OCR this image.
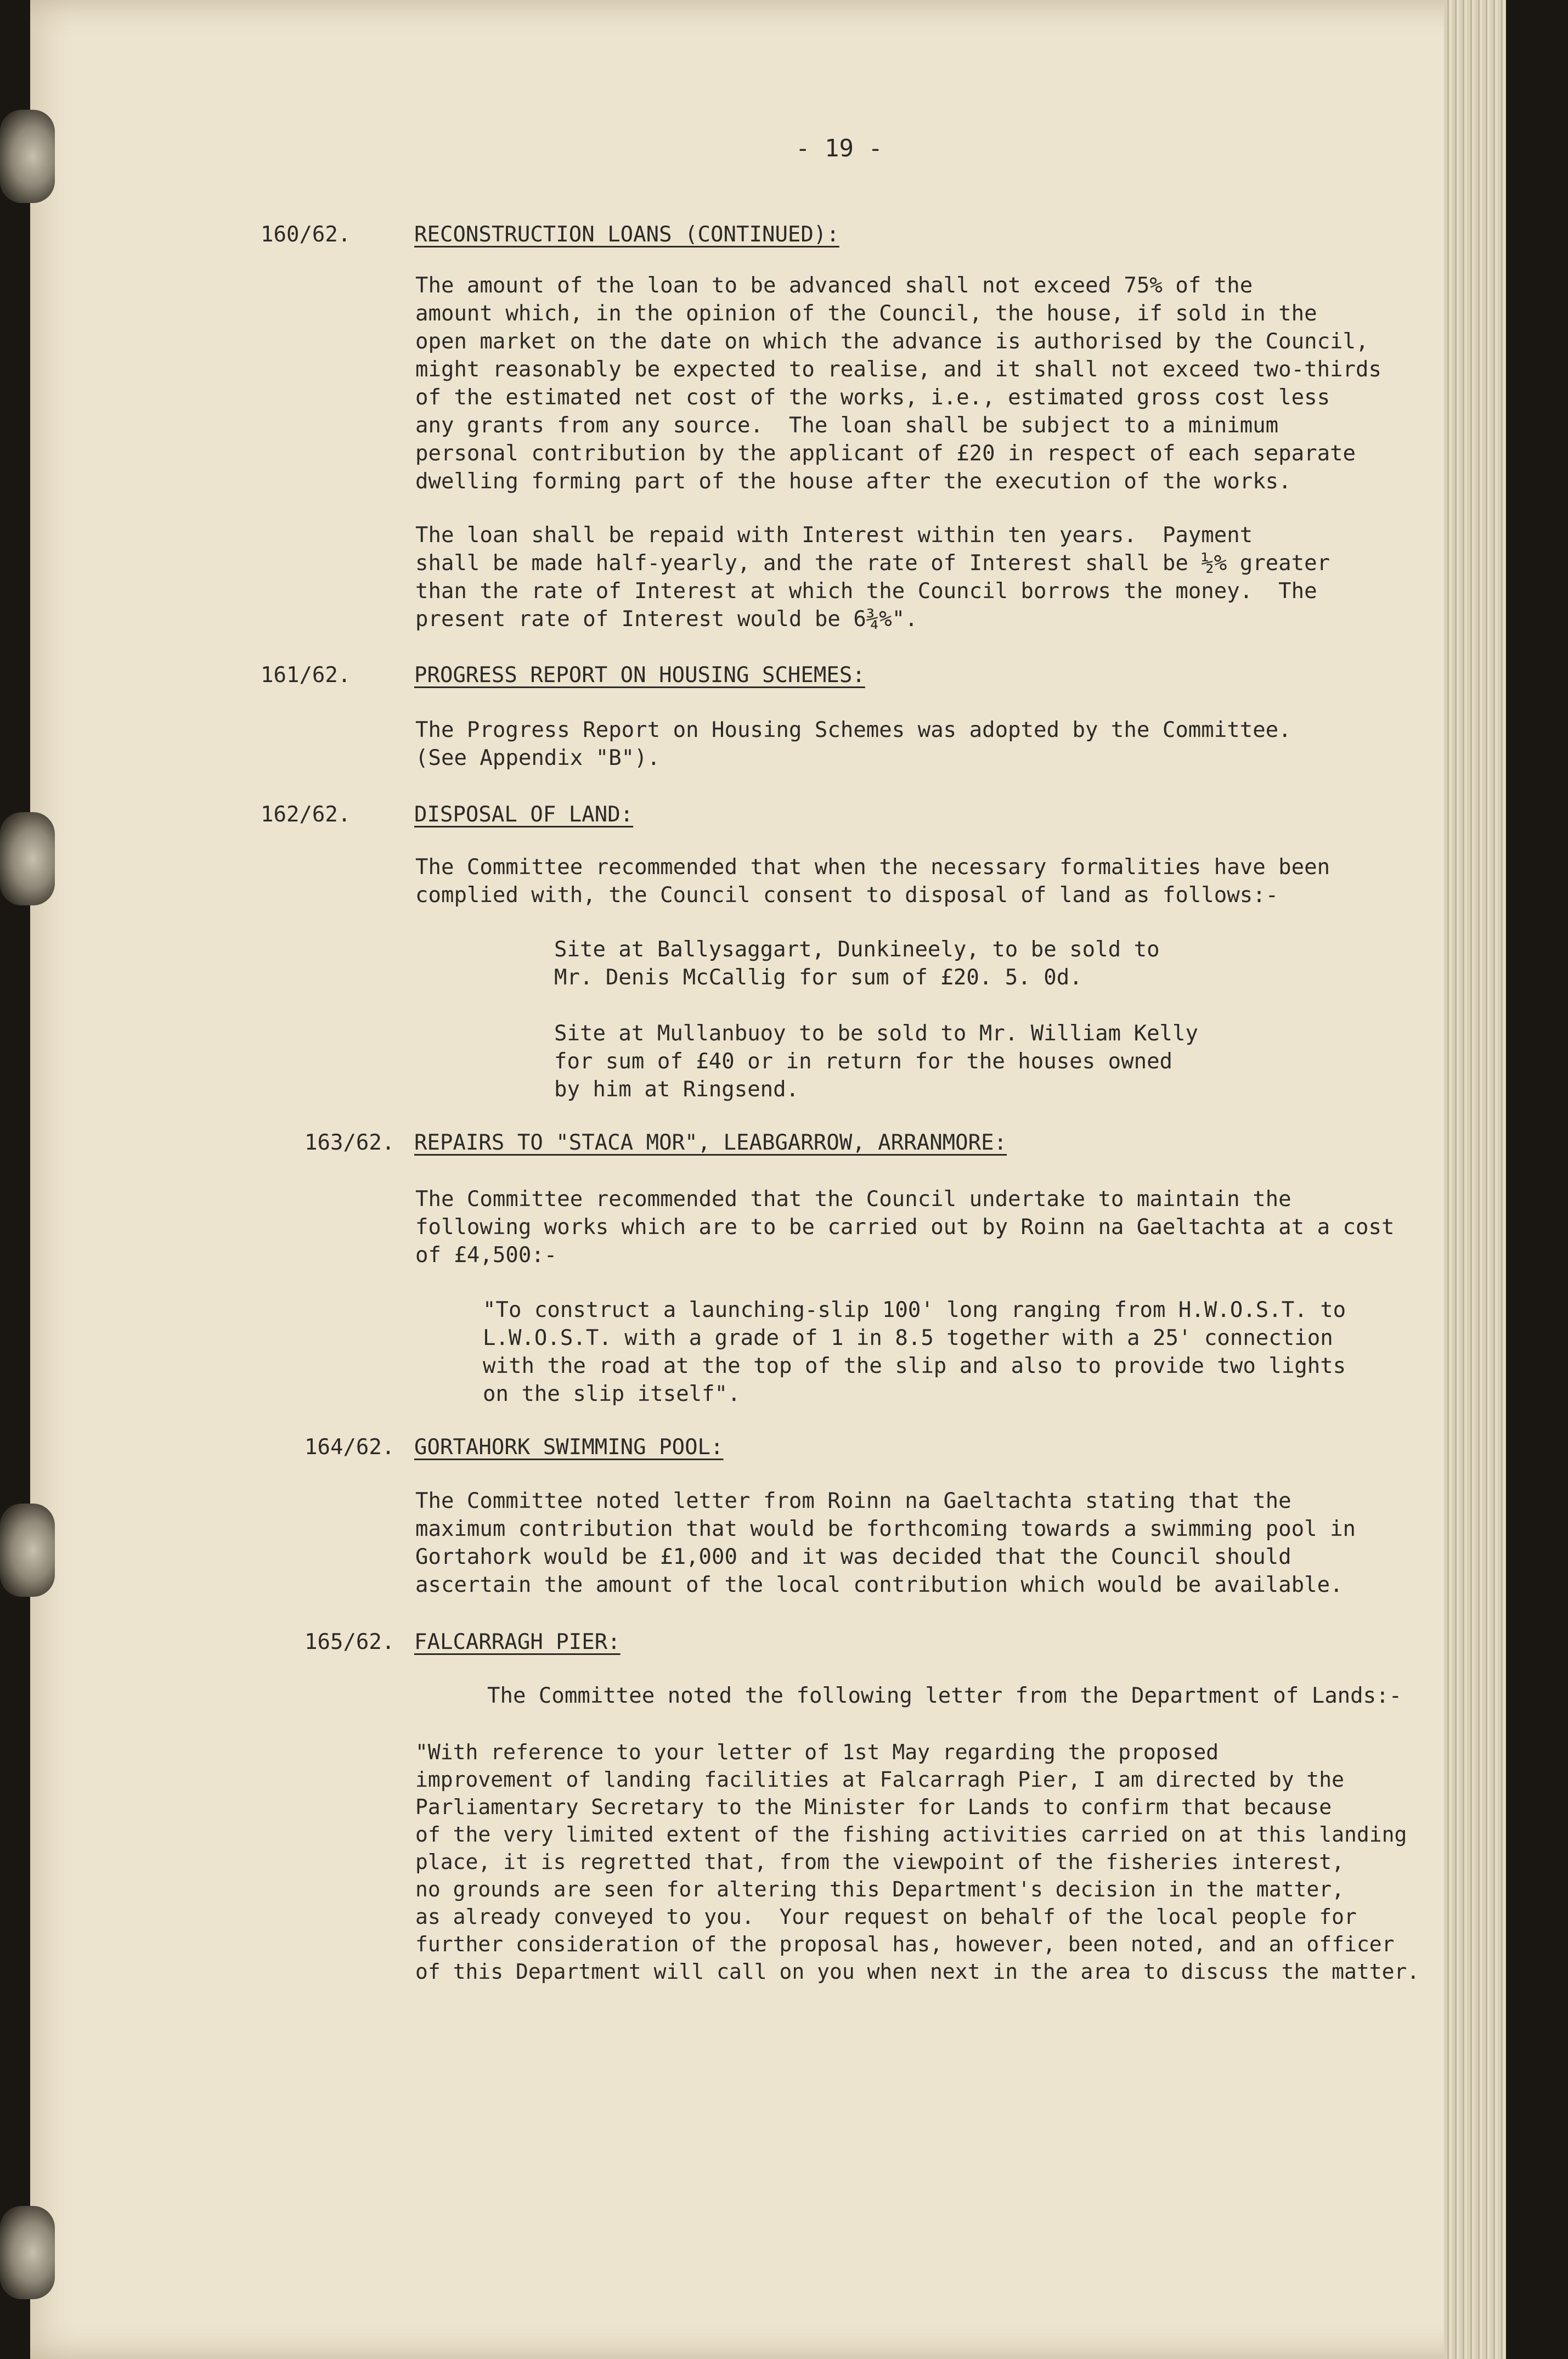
- 19 -
160/62.	RECONSTRUCTION LOANS (CONTINUED):
The amount of the loan to be advanced shall not exceed 75% of the
amount which, in the opinion of the Council, the house, if sold in the
open market on the date on which the advance is authorised by the Council,
might reasonably be expected to realise, and it shall not exceed two-thirds
of the estimated net cost of the works, i.e., estimated gross cost less
any grants from any source.  The loan shall be subject to a minimum
personal contribution by the applicant of £20 in respect of each separate
dwelling forming part of the house after the execution of the works.
The loan shall be repaid with Interest within ten years.  Payment
shall be made half-yearly, and the rate of Interest shall be ½% greater
than the rate of Interest at which the Council borrows the money.  The
present rate of Interest would be 6¾%".
161/62.	PROGRESS REPORT ON HOUSING SCHEMES:
The Progress Report on Housing Schemes was adopted by the Committee.
(See Appendix "B").
162/62.	DISPOSAL OF LAND:
The Committee recommended that when the necessary formalities have been
complied with, the Council consent to disposal of land as follows:-
Site at Ballysaggart, Dunkineely, to be sold to
Mr. Denis McCallig for sum of £20. 5. 0d.
Site at Mullanbuoy to be sold to Mr. William Kelly
for sum of £40 or in return for the houses owned
by him at Ringsend.
163/62. REPAIRS TO "STACA MOR", LEABGARROW, ARRANMORE:
The Committee recommended that the Council undertake to maintain the
following works which are to be carried out by Roinn na Gaeltachta at a cost
of £4,500:-
"To construct a launching-slip 100' long ranging from H.W.O.S.T. to
L.W.O.S.T. with a grade of 1 in 8.5 together with a 25' connection
with the road at the top of the slip and also to provide two lights
on the slip itself".
164/62. GORTAHORK SWIMMING POOL:
The Committee noted letter from Roinn na Gaeltachta stating that the
maximum contribution that would be forthcoming towards a swimming pool in
Gortahork would be £1,000 and it was decided that the Council should
ascertain the amount of the local contribution which would be available.
165/62. FALCARRAGH PIER:
The Committee noted the following letter from the Department of Lands:-
"With reference to your letter of 1st May regarding the proposed
improvement of landing facilities at Falcarragh Pier, I am directed by the
Parliamentary Secretary to the Minister for Lands to confirm that because
of the very limited extent of the fishing activities carried on at this landing
place, it is regretted that, from the viewpoint of the fisheries interest,
no grounds are seen for altering this Department's decision in the matter,
as already conveyed to you.  Your request on behalf of the local people for
further consideration of the proposal has, however, been noted, and an officer
of this Department will call on you when next in the area to discuss the matter.
